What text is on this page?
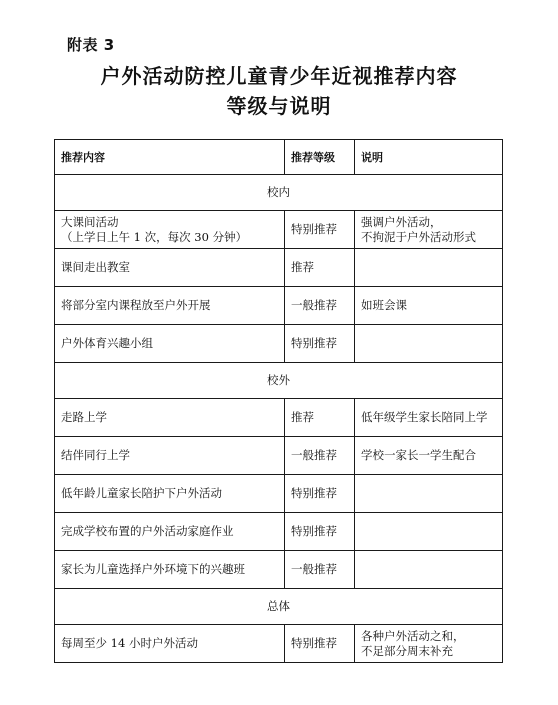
附表 3
户外活动防控儿童青少年近视推荐内容
等级与说明
推荐内容	推荐等级	说明
校内		

大课间活动
（上学日上午 1 次，每次 30 分钟）	特别推荐	强调户外活动，
不拘泥于户外活动形式

课间走出教室	推荐	

将部分室内课程放至户外开展	一般推荐	如班会课

户外体育兴趣小组	特别推荐	
校外		

走路上学	推荐	低年级学生家长陪同上学

结伴同行上学	一般推荐	学校一家长一学生配合

低年龄儿童家长陪护下户外活动	特别推荐	

完成学校布置的户外活动家庭作业	特别推荐	

家长为儿童选择户外环境下的兴趣班	一般推荐	
总体		

每周至少 14 小时户外活动	特别推荐	各种户外活动之和，
不足部分周末补充
